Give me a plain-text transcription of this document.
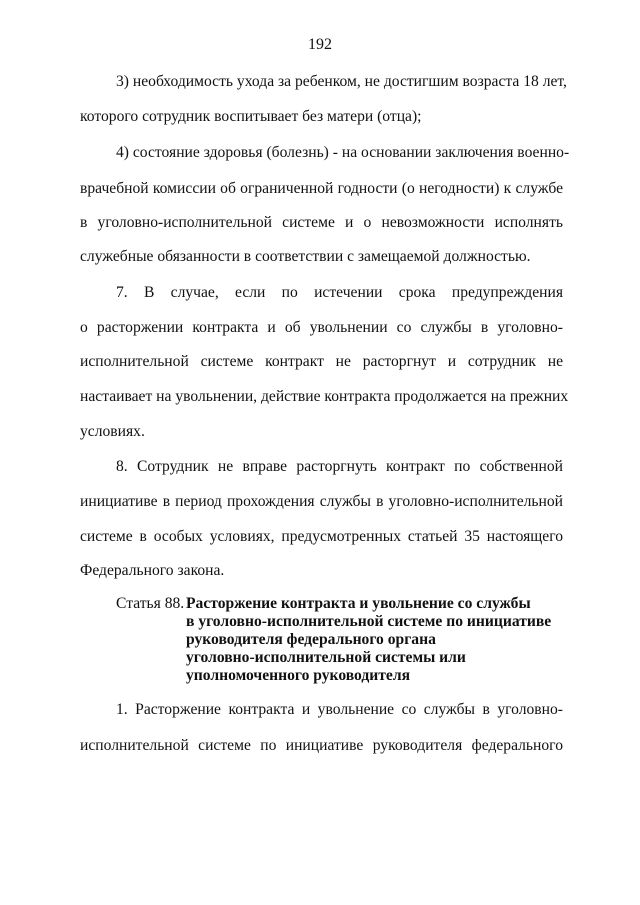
192
3) необходимость ухода за ребенком, не достигшим возраста 18 лет,
которого сотрудник воспитывает без матери (отца);
4) состояние здоровья (болезнь) - на основании заключения военно-
врачебной комиссии об ограниченной годности (о негодности) к службе
в уголовно-исполнительной системе и о невозможности исполнять
служебные обязанности в соответствии с замещаемой должностью.
7. В случае, если по истечении срока предупреждения
о расторжении контракта и об увольнении со службы в уголовно-
исполнительной системе контракт не расторгнут и сотрудник не
настаивает на увольнении, действие контракта продолжается на прежних
условиях.
8. Сотрудник не вправе расторгнуть контракт по собственной
инициативе в период прохождения службы в уголовно-исполнительной
системе в особых условиях, предусмотренных статьей 35 настоящего
Федерального закона.
Статья 88. Расторжение контракта и увольнение со службы
в уголовно-исполнительной системе по инициативе
руководителя федерального органа
уголовно-исполнительной системы или
уполномоченного руководителя
1. Расторжение контракта и увольнение со службы в уголовно-
исполнительной системе по инициативе руководителя федерального
